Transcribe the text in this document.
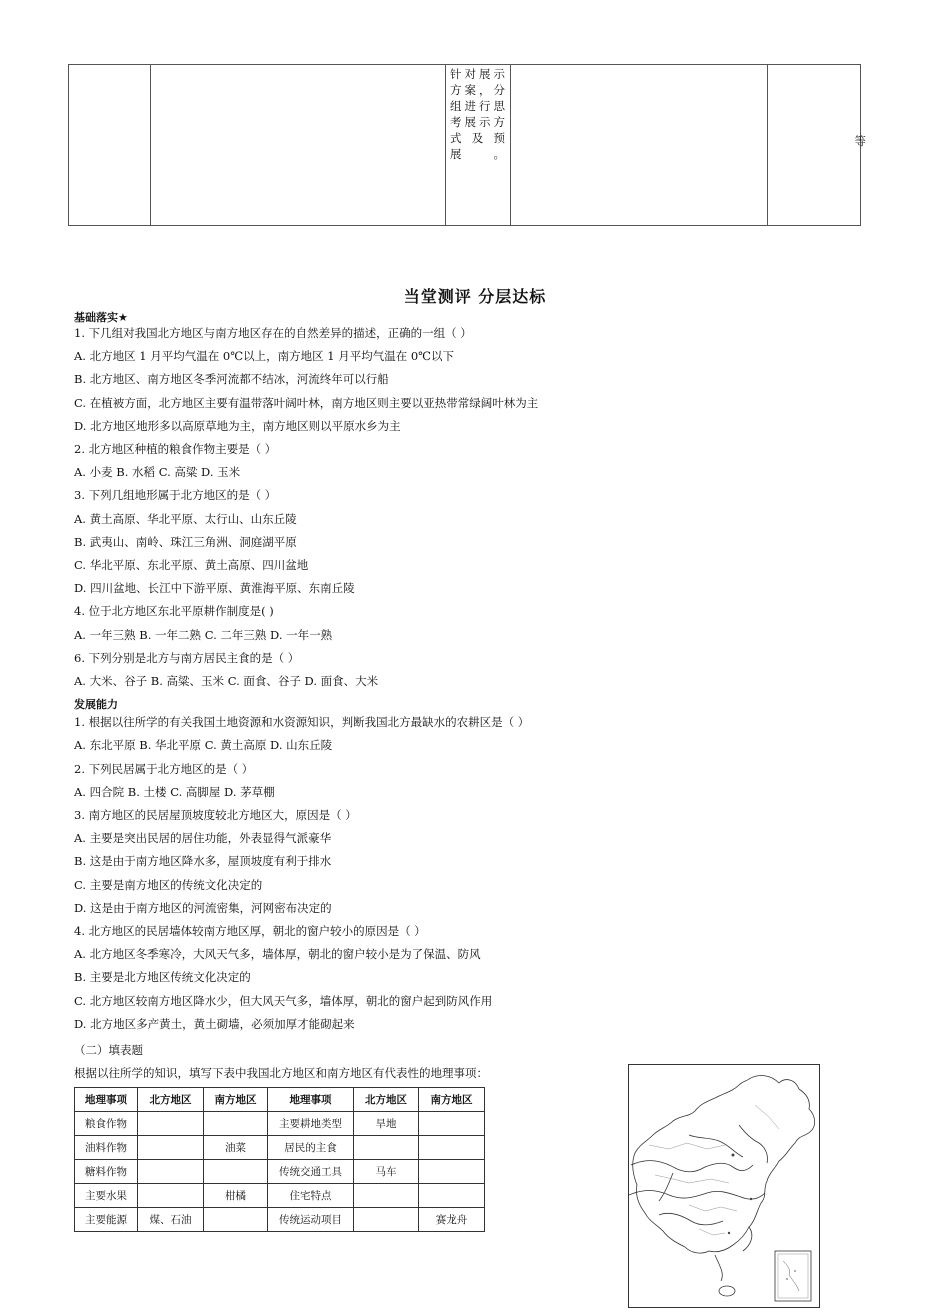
针对展示方案，分组进行思考展示方式及预展。

等
当堂测评 分层达标
基础落实★
1. 下几组对我国北方地区与南方地区存在的自然差异的描述，正确的一组（ ）
A. 北方地区 1 月平均气温在 0℃以上，南方地区 1 月平均气温在 0℃以下
B. 北方地区、南方地区冬季河流都不结冰，河流终年可以行船
C. 在植被方面，北方地区主要有温带落叶阔叶林，南方地区则主要以亚热带常绿阔叶林为主
D. 北方地区地形多以高原草地为主，南方地区则以平原水乡为主
2. 北方地区种植的粮食作物主要是（ ）
A. 小麦 B. 水稻 C. 高粱 D. 玉米
3. 下列几组地形属于北方地区的是（ ）
A. 黄土高原、华北平原、太行山、山东丘陵
B. 武夷山、南岭、珠江三角洲、洞庭湖平原
C. 华北平原、东北平原、黄土高原、四川盆地
D. 四川盆地、长江中下游平原、黄淮海平原、东南丘陵
4. 位于北方地区东北平原耕作制度是( )
A. 一年三熟 B. 一年二熟 C. 二年三熟 D. 一年一熟
6. 下列分别是北方与南方居民主食的是（ ）
A. 大米、谷子 B. 高粱、玉米 C. 面食、谷子 D. 面食、大米
发展能力
1. 根据以往所学的有关我国土地资源和水资源知识，判断我国北方最缺水的农耕区是（ ）
A. 东北平原 B. 华北平原 C. 黄土高原 D. 山东丘陵
2. 下列民居属于北方地区的是（ ）
A. 四合院 B. 土楼 C. 高脚屋 D. 茅草棚
3. 南方地区的民居屋顶坡度较北方地区大，原因是（ ）
A. 主要是突出民居的居住功能，外表显得气派豪华
B. 这是由于南方地区降水多，屋顶坡度有利于排水
C. 主要是南方地区的传统文化决定的
D. 这是由于南方地区的河流密集，河网密布决定的
4. 北方地区的民居墙体较南方地区厚，朝北的窗户较小的原因是（ ）
A. 北方地区冬季寒冷，大风天气多，墙体厚，朝北的窗户较小是为了保温、防风
B. 主要是北方地区传统文化决定的
C. 北方地区较南方地区降水少，但大风天气多，墙体厚，朝北的窗户起到防风作用
D. 北方地区多产黄土，黄土砌墙，必须加厚才能砌起来
（二）填表题
根据以往所学的知识，填写下表中我国北方地区和南方地区有代表性的地理事项：
地理事项	北方地区	南方地区	地理事项	北方地区	南方地区
粮食作物			主要耕地类型	旱地	
油料作物		油菜	居民的主食		
糖料作物			传统交通工具	马车	
主要水果		柑橘	住宅特点		
主要能源	煤、石油		传统运动项目		赛龙舟
